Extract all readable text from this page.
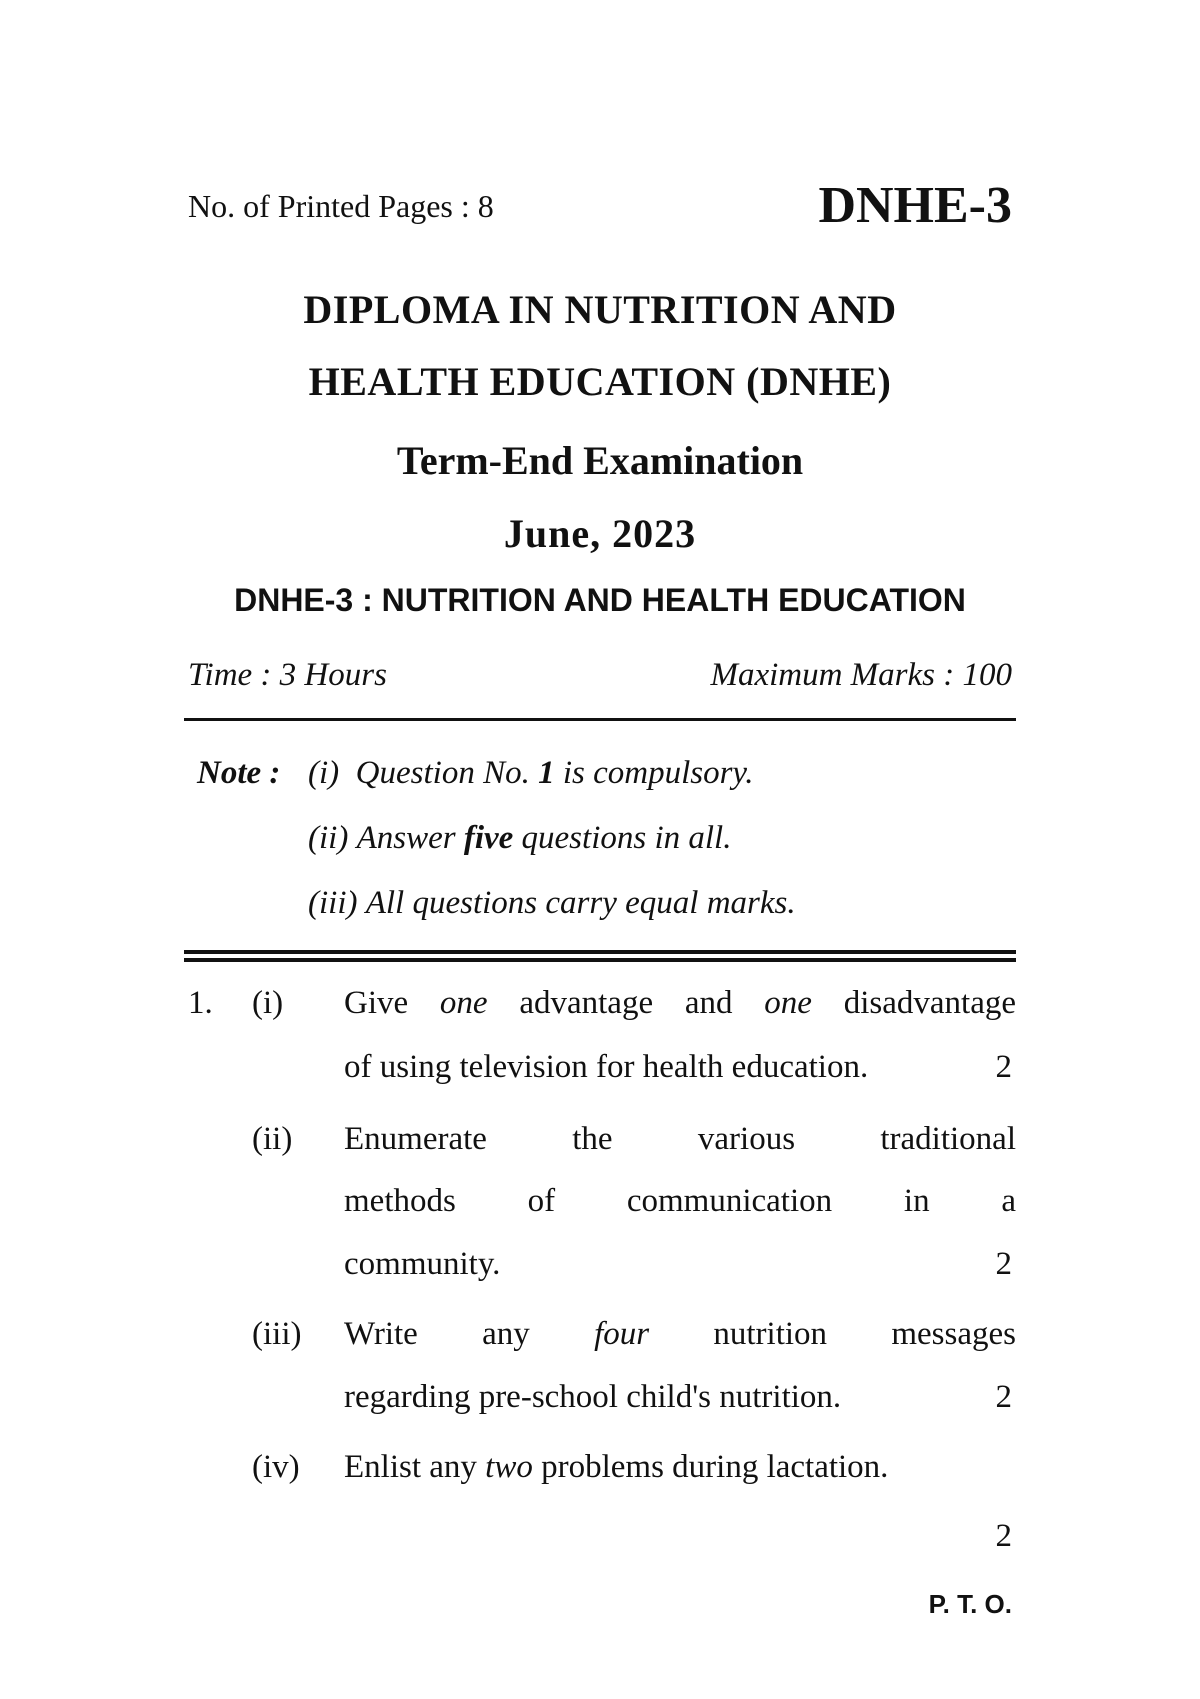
No. of Printed Pages : 8	DNHE-3
DIPLOMA IN NUTRITION AND
HEALTH EDUCATION (DNHE)
Term-End Examination
June, 2023
DNHE-3 : NUTRITION AND HEALTH EDUCATION
Time : 3 Hours	Maximum Marks : 100
Note : (i) Question No. 1 is compulsory.
(ii) Answer five questions in all.
(iii) All questions carry equal marks.
1. (i) Give one advantage and one disadvantage
of using television for health education.	2
(ii) Enumerate the various traditional
methods of communication in a
community.	2
(iii) Write any four nutrition messages
regarding pre-school child's nutrition.	2
(iv) Enlist any two problems during lactation.
2
P. T. O.
